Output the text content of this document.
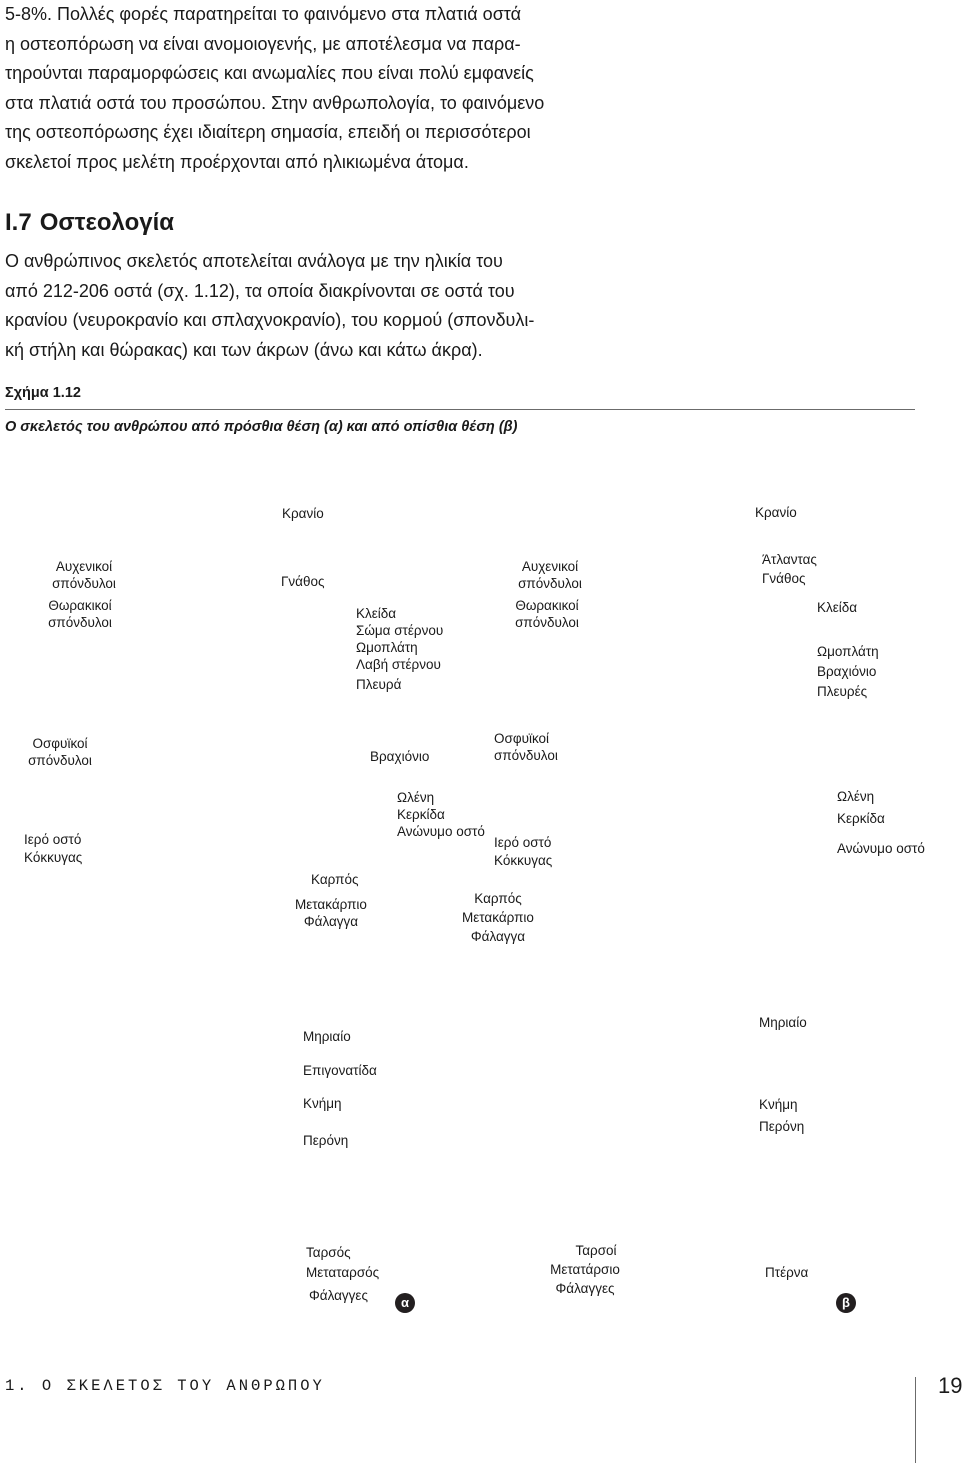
5-8%. Πολλές φορές παρατηρείται το φαινόμενο στα πλατιά οστά

η οστεοπόρωση να είναι ανομοιογενής, με αποτέλεσμα να παρα-

τηρούνται παραμορφώσεις και ανωμαλίες που είναι πολύ εμφανείς

στα πλατιά οστά του προσώπου. Στην ανθρωπολογία, το φαινόμενο

της οστεοπόρωσης έχει ιδιαίτερη σημασία, επειδή οι περισσότεροι

σκελετοί προς μελέτη προέρχονται από ηλικιωμένα άτομα.

I.7 Οστεολογία

Ο ανθρώπινος σκελετός αποτελείται ανάλογα με την ηλικία του

από 212-206 οστά (σχ. 1.12), τα οποία διακρίνονται σε οστά του

κρανίου (νευροκρανίο και σπλαχνοκρανίο), του κορμού (σπονδυλι-

κή στήλη και θώρακας) και των άκρων (άνω και κάτω άκρα).

Σχήμα 1.12
Ο σκελετός του ανθρώπου από πρόσθια θέση (α) και από οπίσθια θέση (β)
Κρανίο
Αυχενικοί
σπόνδυλοι
Θωρακικοί
σπόνδυλοι
Γνάθος
Κλείδα
Σώμα στέρνου
Ωμοπλάτη
Λαβή στέρνου
Πλευρά
Οσφυϊκοί
σπόνδυλοι	Βραχιόνιο
Ωλένη
Κερκίδα
Ανώνυμο οστό
Ιερό οστό
Κόκκυγας
Καρπός
Μετακάρπιο
Φάλαγγα
Μηριαίο
Επιγονατίδα
Κνήμη
Περόνη
Ταρσός
Μεταταρσός
Φάλαγγες	α
Κρανίο
Άτλαντας
Γνάθος
Αυχενικοί
σπόνδυλοι
Θωρακικοί
σπόνδυλοι
Κλείδα
Ωμοπλάτη
Βραχιόνιο
Πλευρές
Οσφυϊκοί
σπόνδυλοι
Ιερό οστό
Κόκκυγας
Καρπός
Μετακάρπιο
Φάλαγγα
Ωλένη
Κερκίδα
Ανώνυμο οστό
Μηριαίο
Κνήμη
Περόνη
Ταρσοί
Μετατάρσιο
Φάλαγγες
Πτέρνα
β
1. Ο ΣΚΕΛΕΤΟΣ ΤΟΥ ΑΝΘΡΩΠΟΥ	19
